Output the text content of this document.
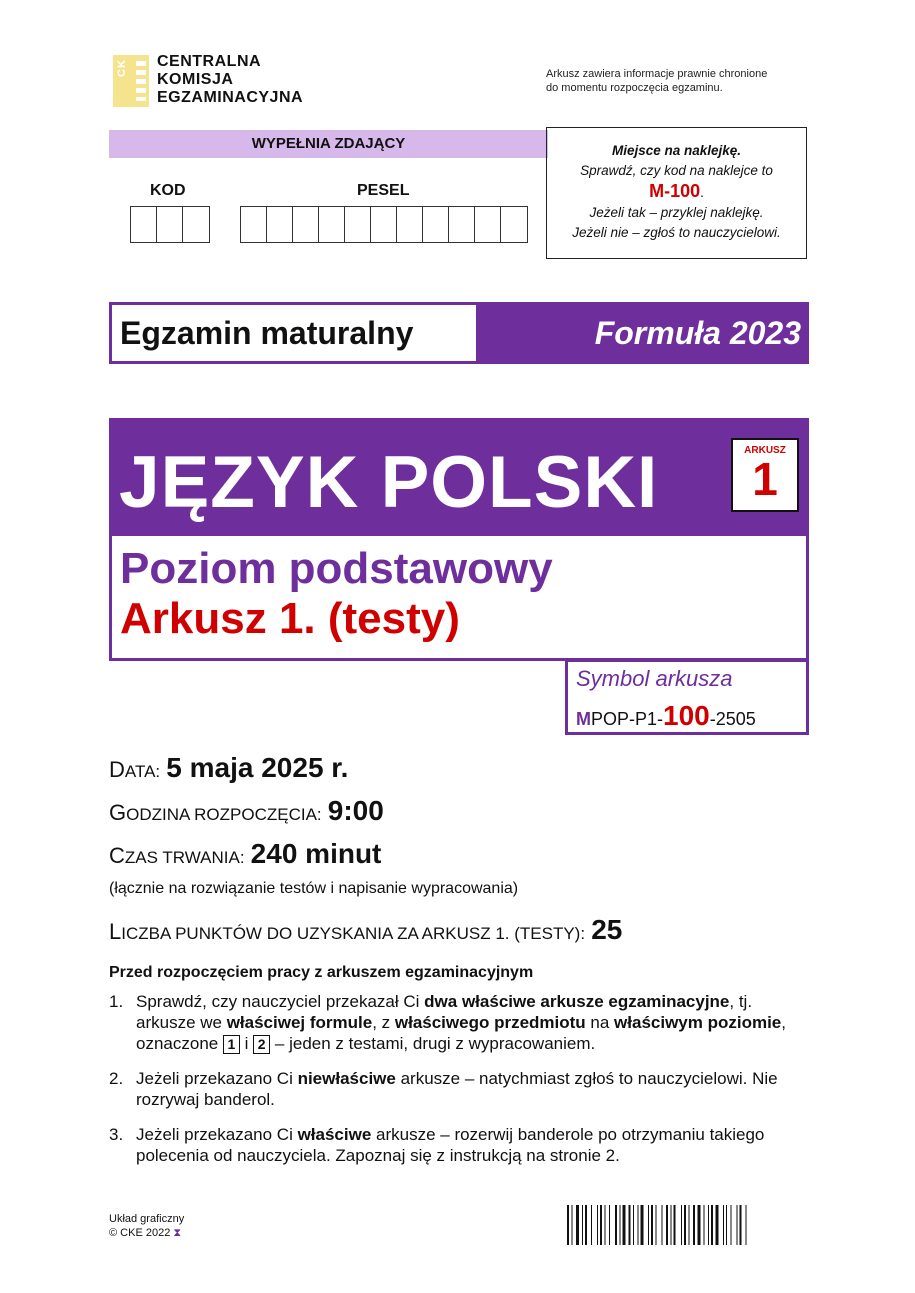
CK CENTRALNA
KOMISJA
EGZAMINACYJNA
Arkusz zawiera informacje prawnie chronione
do momentu rozpoczęcia egzaminu.
WYPEŁNIA ZDAJĄCY
KOD	PESEL
Miejsce na naklejkę.
Sprawdź, czy kod na naklejce to
M-100.
Jeżeli tak – przyklej naklejkę.
Jeżeli nie – zgłoś to nauczycielowi.
Egzamin maturalny	Formuła 2023
JĘZYK POLSKI	ARKUSZ
1
Poziom podstawowy
Arkusz 1. (testy)
Symbol arkusza
MPOP-P1-100-2505
DATA: 5 maja 2025 r.
GODZINA ROZPOCZĘCIA: 9:00
CZAS TRWANIA: 240 minut
(łącznie na rozwiązanie testów i napisanie wypracowania)
LICZBA PUNKTÓW DO UZYSKANIA ZA ARKUSZ 1. (TESTY): 25
Przed rozpoczęciem pracy z arkuszem egzaminacyjnym
1. Sprawdź, czy nauczyciel przekazał Ci dwa właściwe arkusze egzaminacyjne, tj. arkusze we właściwej formule, z właściwego przedmiotu na właściwym poziomie, oznaczone 1 i 2 – jeden z testami, drugi z wypracowaniem.
2. Jeżeli przekazano Ci niewłaściwe arkusze – natychmiast zgłoś to nauczycielowi. Nie rozrywaj banderol.
3. Jeżeli przekazano Ci właściwe arkusze – rozerwij banderole po otrzymaniu takiego polecenia od nauczyciela. Zapoznaj się z instrukcją na stronie 2.
Układ graficzny
© CKE 2022 ⧗
